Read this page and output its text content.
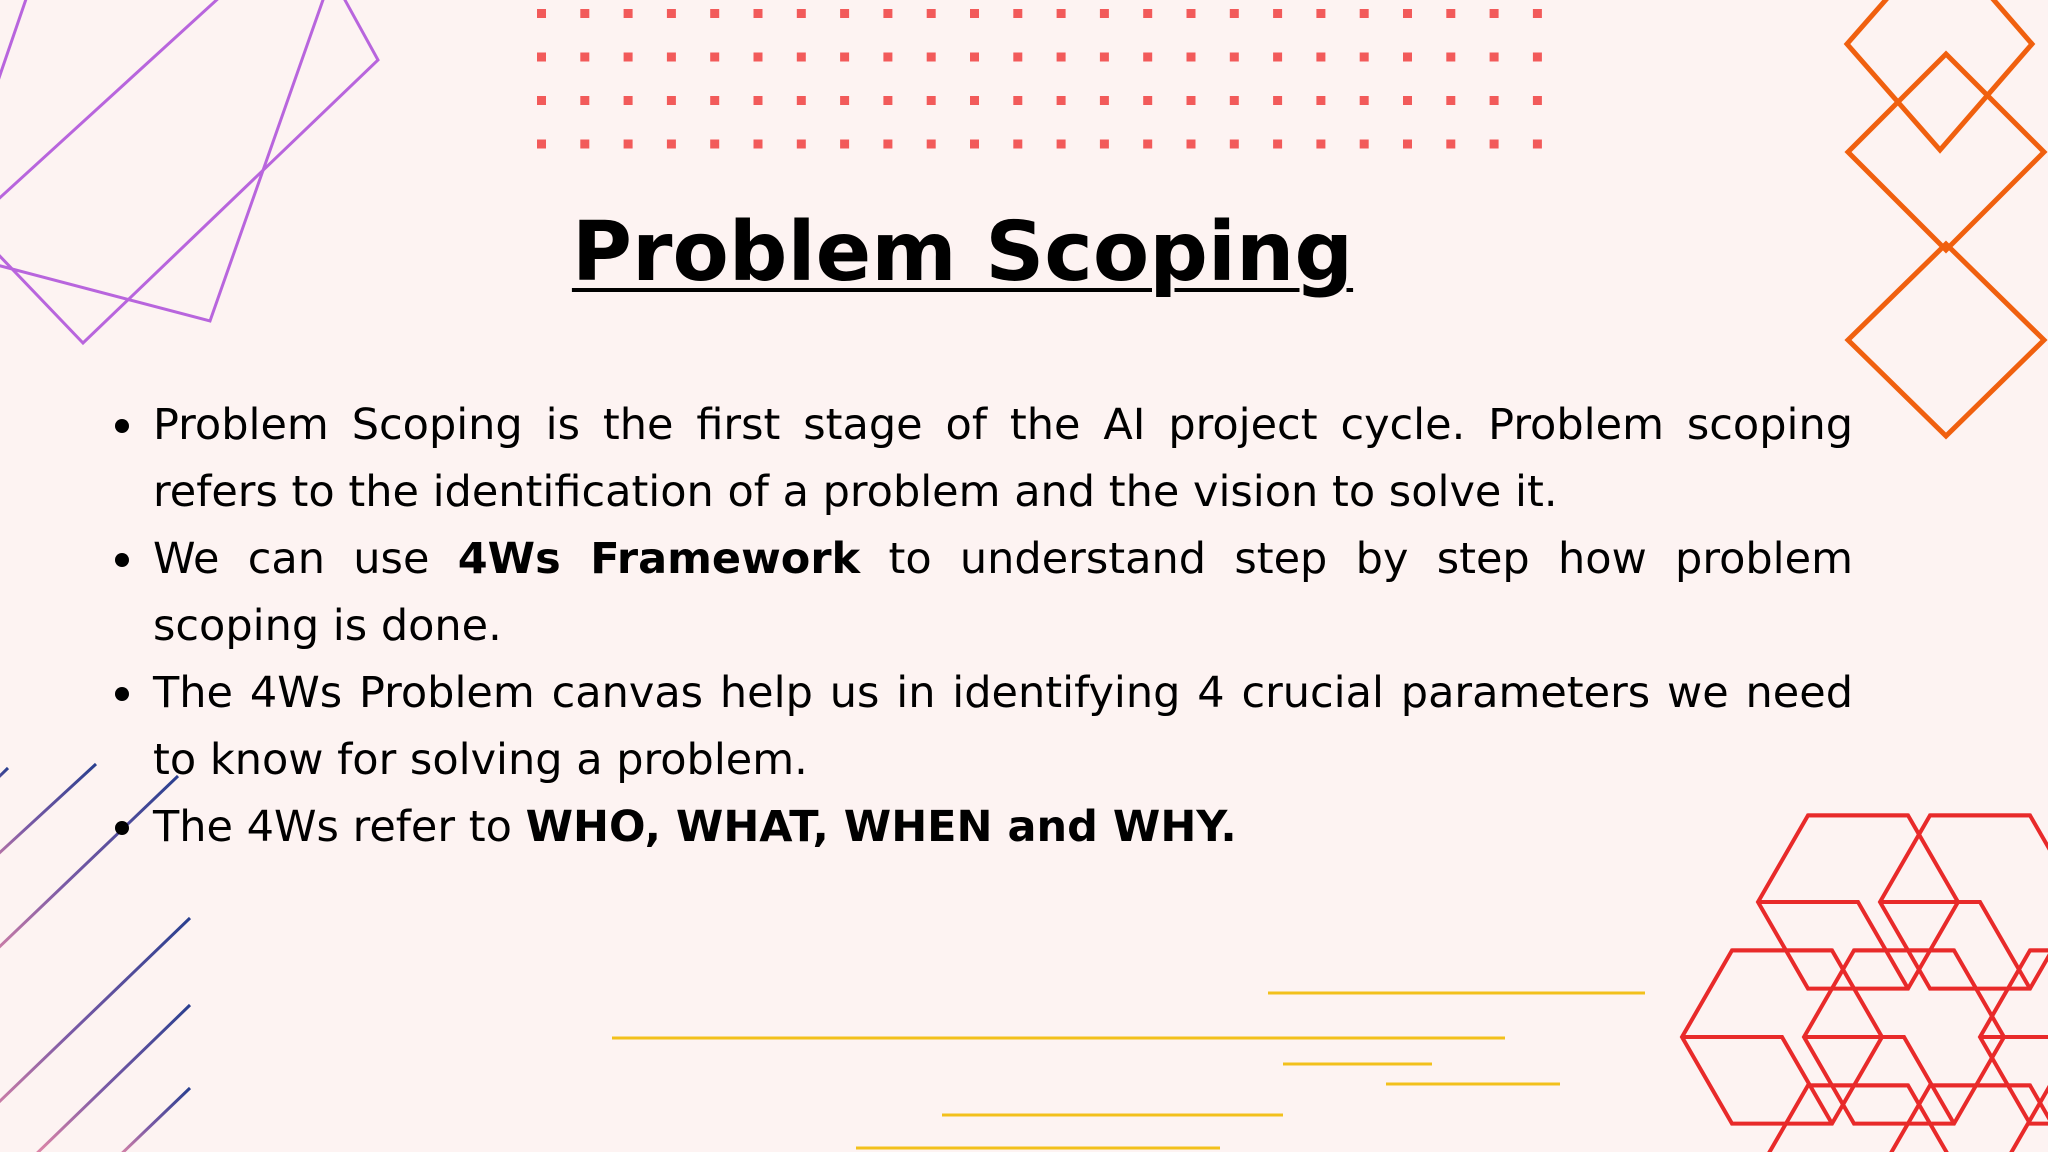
Problem Scoping
Problem Scoping is the first stage of the AI project cycle. Problem scoping refers to the identification of a problem and the vision to solve it.
We can use 4Ws Framework to understand step by step how problem scoping is done.
The 4Ws Problem canvas help us in identifying 4 crucial parameters we need to know for solving a problem.
The 4Ws refer to WHO, WHAT, WHEN and WHY.
